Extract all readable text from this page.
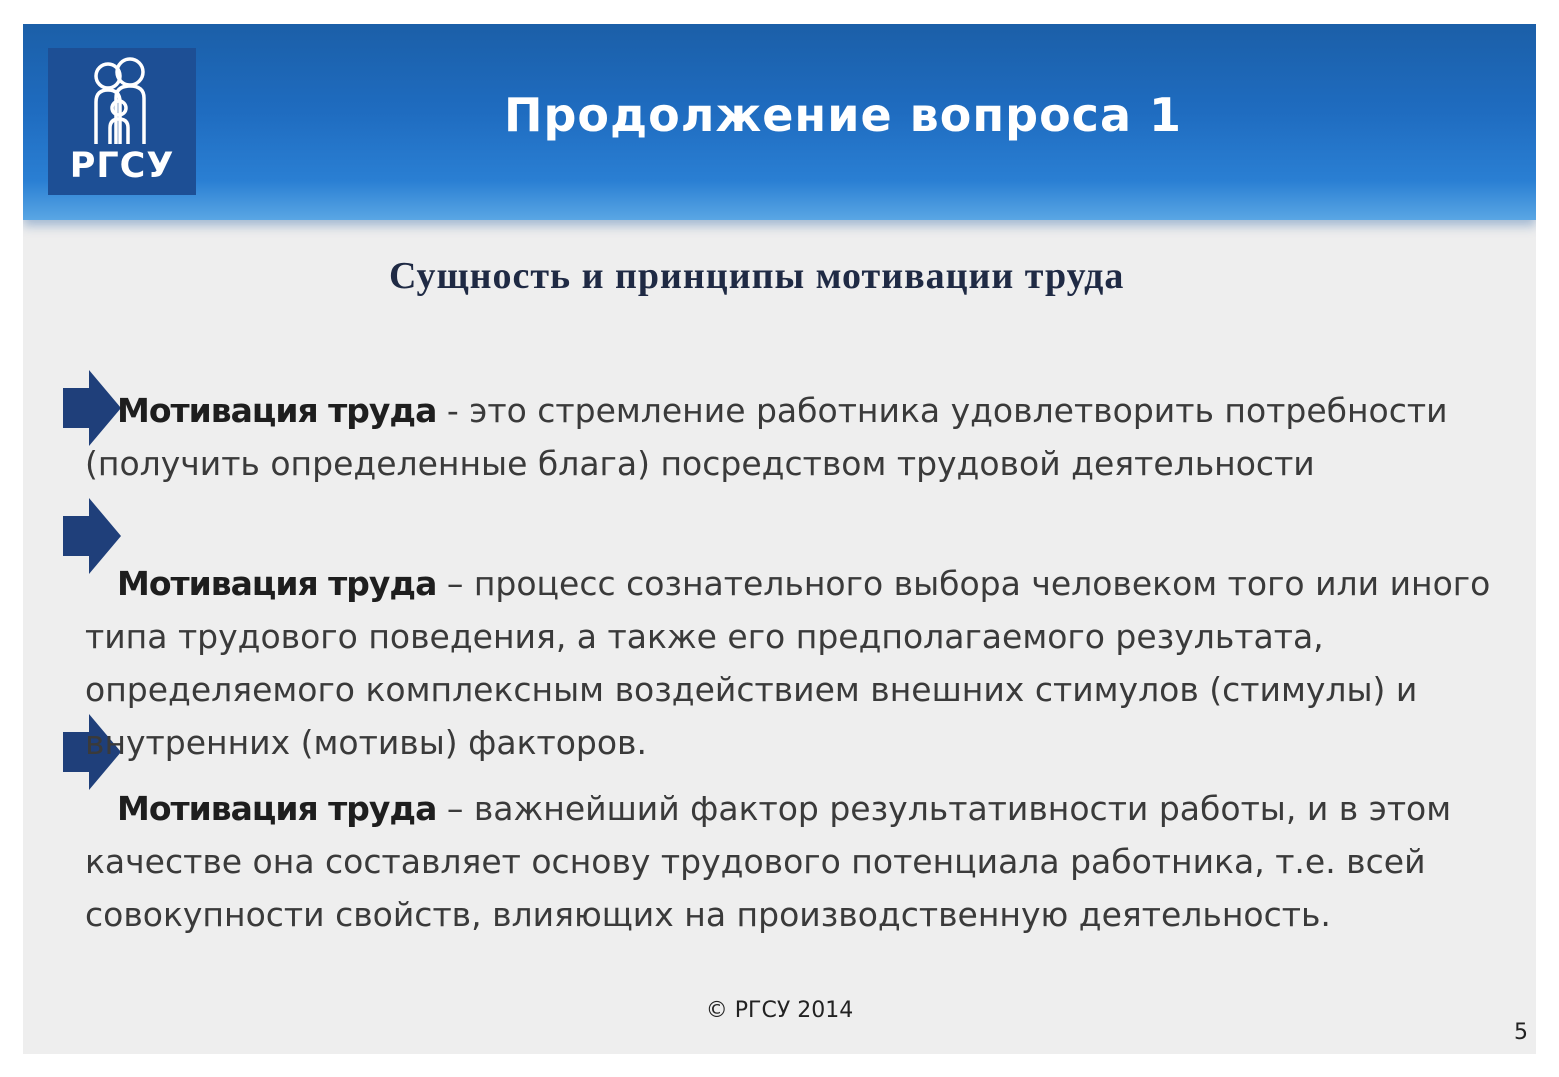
РГСУ
Продолжение вопроса 1
Сущность и принципы мотивации труда

Мотивация труда - это стремление работника удовлетворить потребности (получить определенные блага) посредством трудовой деятельности

Мотивация труда – процесс сознательного выбора человеком того или иного типа трудового поведения, а также его предполагаемого результата, определяемого комплексным воздействием внешних стимулов (стимулы) и внутренних (мотивы) факторов.

Мотивация труда – важнейший фактор результативности работы, и в этом качестве она составляет основу трудового потенциала работника, т.е. всей совокупности свойств, влияющих на производственную деятельность.

© РГСУ 2014
5
